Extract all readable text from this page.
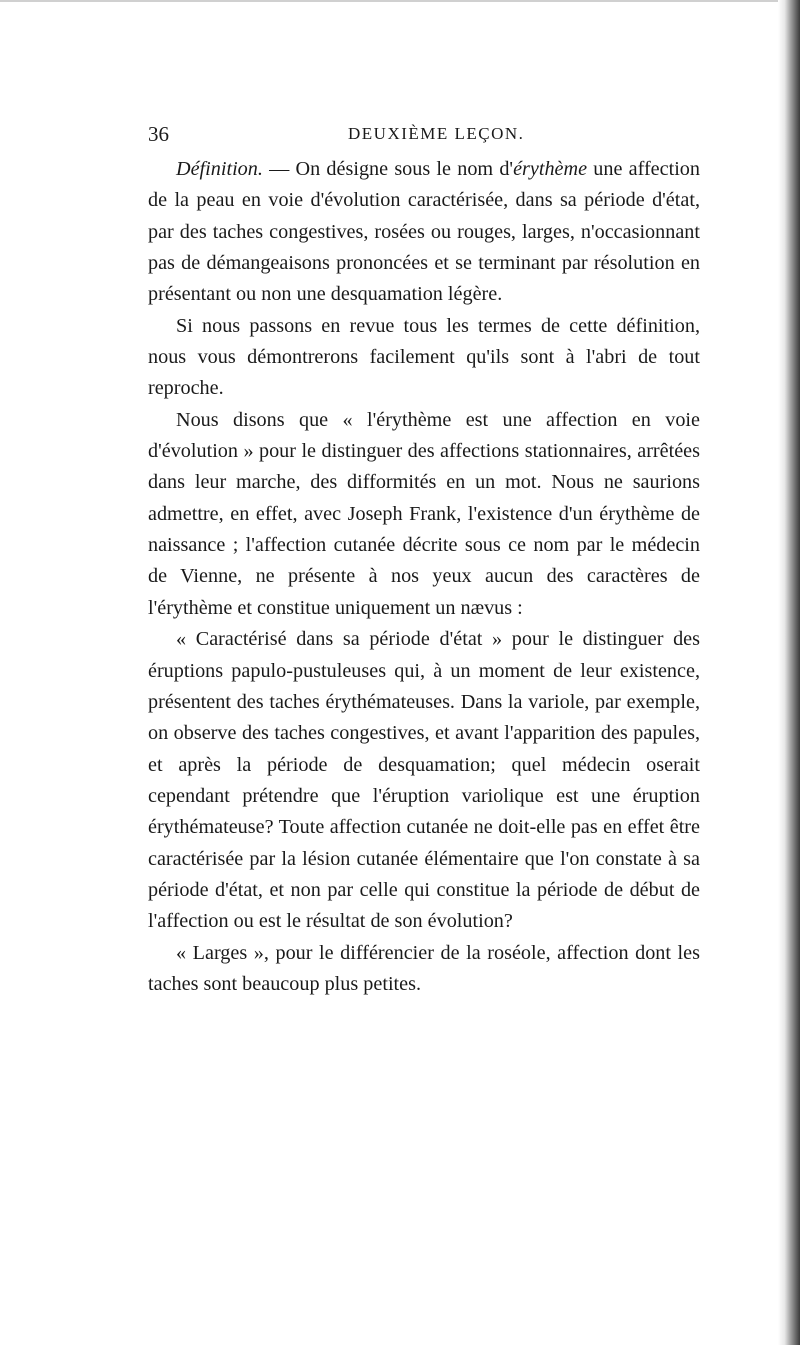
36	DEUXIÈME LEÇON.

Définition. — On désigne sous le nom d'érythème une affection de la peau en voie d'évolution caractérisée, dans sa période d'état, par des taches congestives, rosées ou rouges, larges, n'occasionnant pas de démangeaisons prononcées et se terminant par résolution en présentant ou non une desquamation légère.

Si nous passons en revue tous les termes de cette définition, nous vous démontrerons facilement qu'ils sont à l'abri de tout reproche.

Nous disons que « l'érythème est une affection en voie d'évolution » pour le distinguer des affections stationnaires, arrêtées dans leur marche, des difformités en un mot. Nous ne saurions admettre, en effet, avec Joseph Frank, l'existence d'un érythème de naissance ; l'affection cutanée décrite sous ce nom par le médecin de Vienne, ne présente à nos yeux aucun des caractères de l'érythème et constitue uniquement un nævus :

« Caractérisé dans sa période d'état » pour le distinguer des éruptions papulo-pustuleuses qui, à un moment de leur existence, présentent des taches érythémateuses. Dans la variole, par exemple, on observe des taches congestives, et avant l'apparition des papules, et après la période de desquamation; quel médecin oserait cependant prétendre que l'éruption variolique est une éruption érythémateuse? Toute affection cutanée ne doit-elle pas en effet être caractérisée par la lésion cutanée élémentaire que l'on constate à sa période d'état, et non par celle qui constitue la période de début de l'affection ou est le résultat de son évolution?

« Larges », pour le différencier de la roséole, affection dont les taches sont beaucoup plus petites.
